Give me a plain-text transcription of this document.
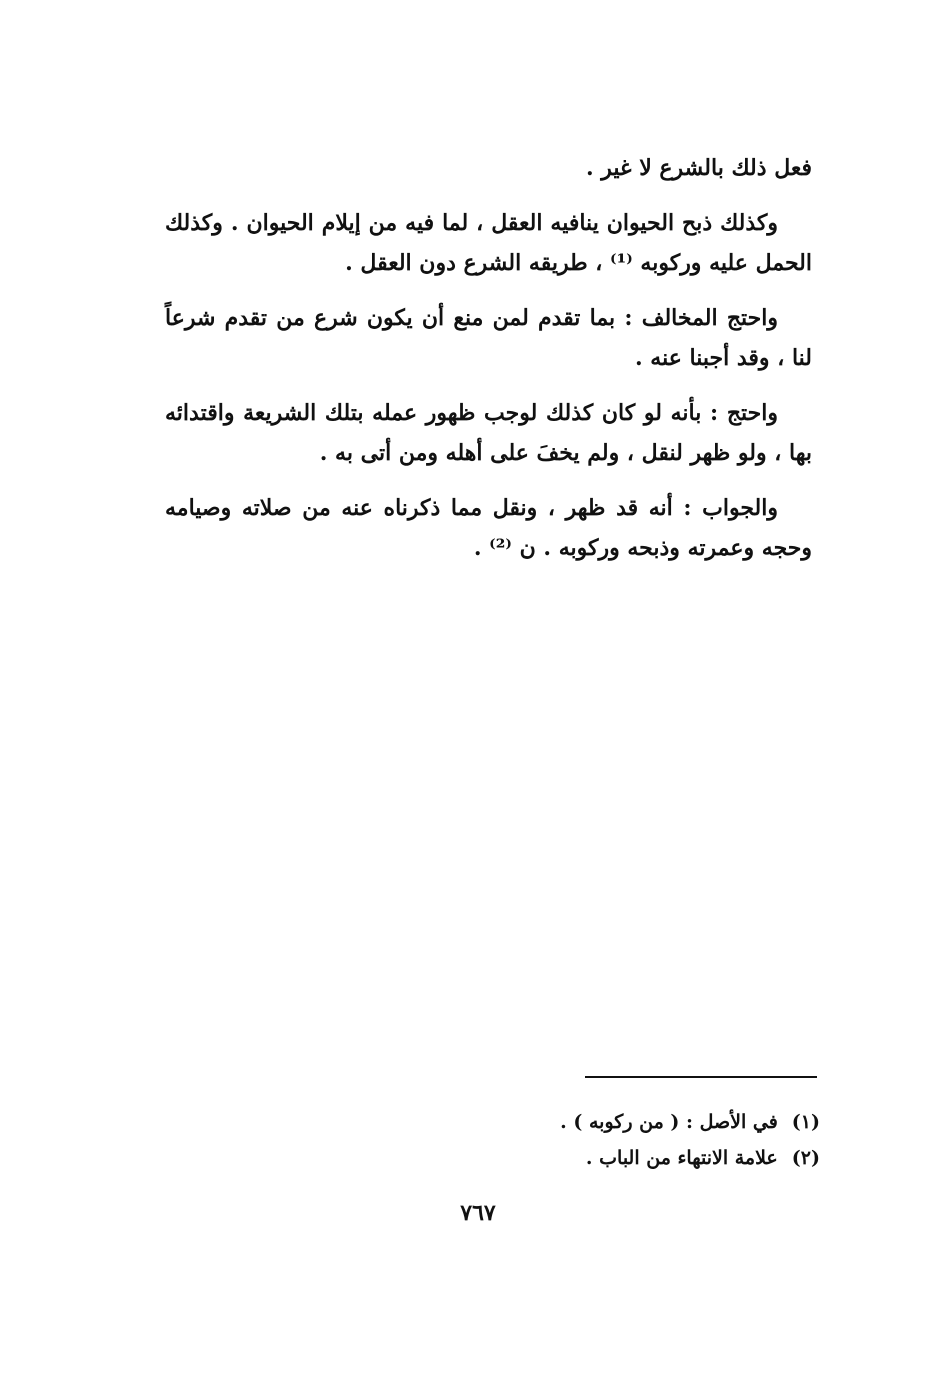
فعل ذلك بالشرع لا غير .

وكذلك ذبح الحيوان ينافيه العقل ، لما فيه من إيلام الحيوان . وكذلك الحمل عليه وركوبه ⁽¹⁾ ، طريقه الشرع دون العقل .

واحتج المخالف : بما تقدم لمن منع أن يكون شرع من تقدم شرعاً لنا ، وقد أجبنا عنه .

واحتج : بأنه لو كان كذلك لوجب ظهور عمله بتلك الشريعة واقتدائه بها ، ولو ظهر لنقل ، ولم يخفَ على أهله ومن أتى به .

والجواب : أنه قد ظهر ، ونقل مما ذكرناه عنه من صلاته وصيامه وحجه وعمرته وذبحه وركوبه . ن ⁽²⁾ .

(١)
في الأصل : ( من ركوبه ) .
(٢)
علامة الانتهاء من الباب .
٧٦٧
